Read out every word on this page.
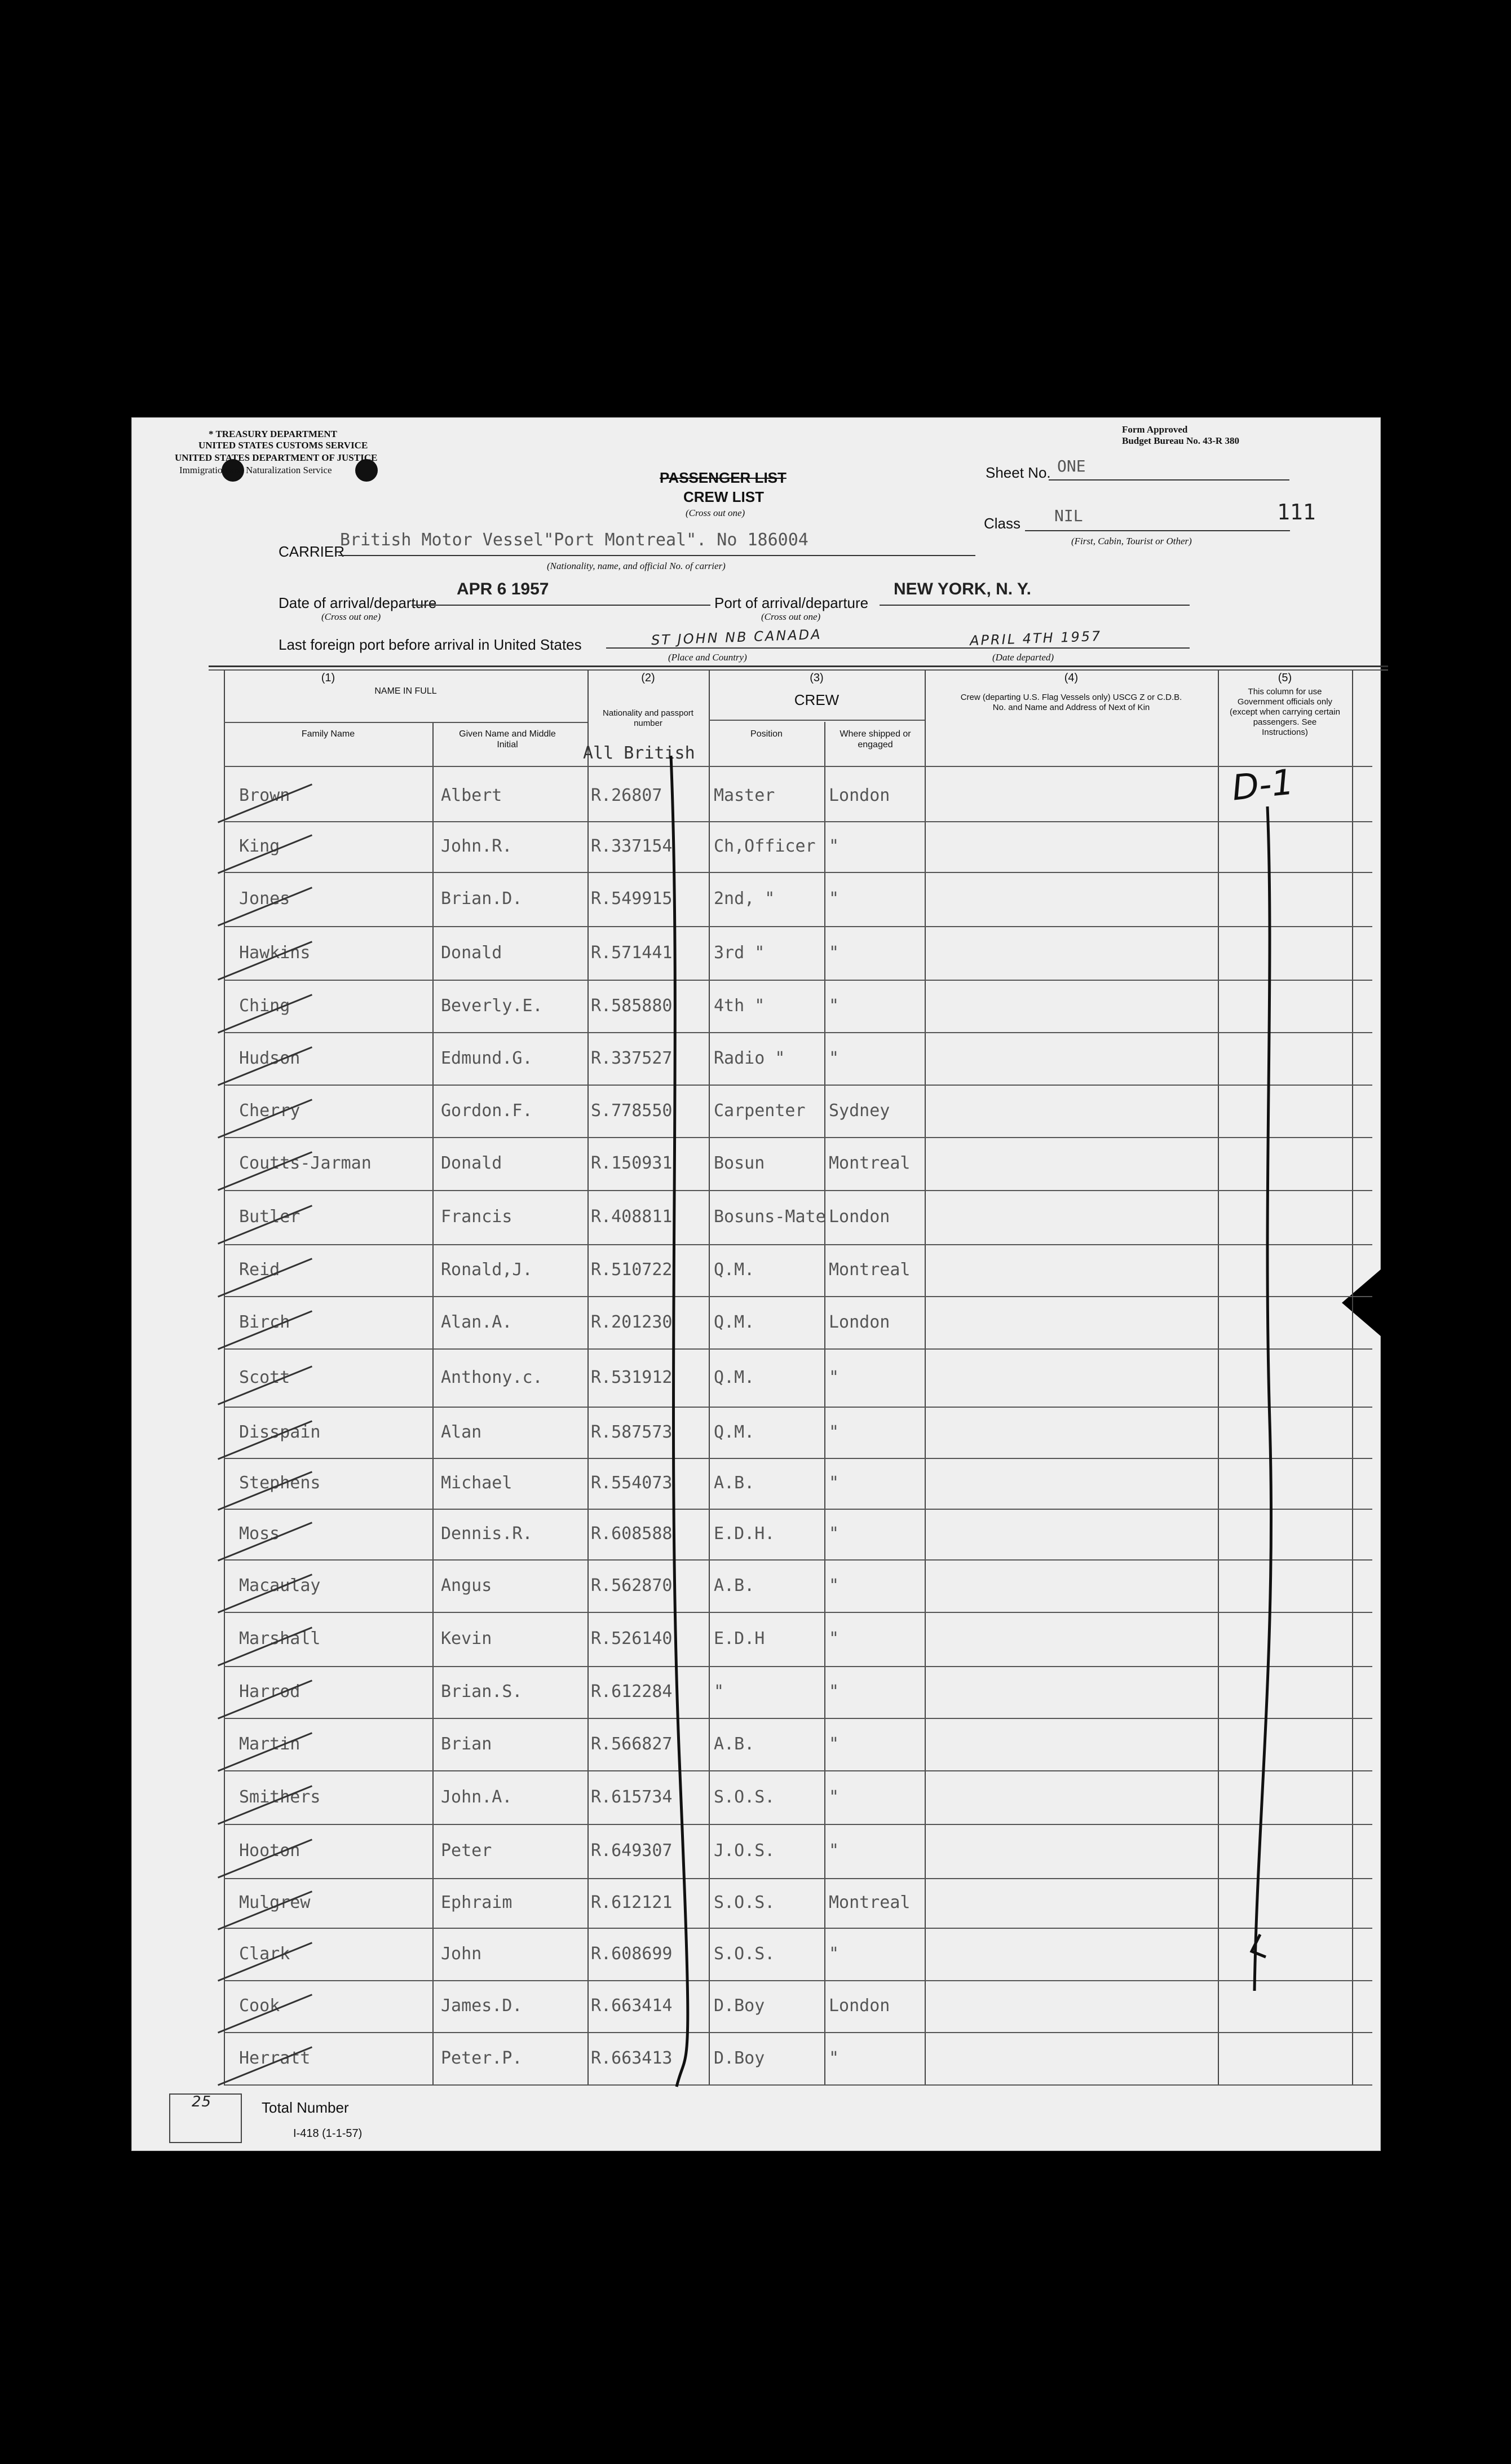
* TREASURY DEPARTMENT
UNITED STATES CUSTOMS SERVICE
UNITED STATES DEPARTMENT OF JUSTICE
Immigration and Naturalization Service
Form Approved
Budget Bureau No. 43-R 380
Sheet No. ONE
PASSENGER LIST
CREW LIST
(Cross out one)
Class NIL
(First, Cabin, Tourist or Other)
111
CARRIER
British Motor Vessel"Port Montreal". No 186004
(Nationality, name, and official No. of carrier)
Date of arrival/departure
APR 6 1957
(Cross out one)
Port of arrival/departure
NEW YORK, N. Y.
(Cross out one)
Last foreign port before arrival in United States	ST JOHN NB CANADA	APRIL 4TH 1957
(Place and Country)	(Date departed)
(1)
NAME IN FULL
Family Name	Given Name and Middle Initial
(2)
Nationality and passport number
(3)
CREW
Position	Where shipped or engaged
(4)
Crew (departing U.S. Flag Vessels only) USCG Z or C.D.B. No. and Name and Address of Next of Kin
(5)
This column for use Government officials only (except when carrying certain passengers. See Instructions)
All British
Brown	Albert	R.26807	Master	London
King	John.R.	R.337154 Ch,Officer "
Jones	Brian.D.	R.549915 2nd, "	"
Hawkins	Donald	R.571441 3rd "	"
Ching	Beverly.E.	R.585880 4th "	"
Hudson	Edmund.G.	R.337527 Radio "	"
Cherry	Gordon.F.	S.778550 Carpenter Sydney
Coutts-Jarman	Donald	R.150931 Bosun	Montreal
Butler	Francis	R.408811 Bosuns-Mate London
Reid	Ronald,J.	R.510722 Q.M.	Montreal
Birch	Alan.A.	R.201230 Q.M.	London
Scott	Anthony.c.	R.531912 Q.M.	"
Disspain	Alan	R.587573 Q.M.	"
Stephens	Michael	R.554073 A.B.	"
Moss	Dennis.R.	R.608588 E.D.H.	"
Macaulay	Angus	R.562870 A.B.	"
Marshall	Kevin	R.526140 E.D.H	"
Harrod	Brian.S.	R.612284 "	"
Martin	Brian	R.566827 A.B.	"
Smithers	John.A.	R.615734 S.O.S.	"
Hooton	Peter	R.649307 J.O.S.	"
Mulgrew	Ephraim	R.612121 S.O.S.	Montreal
Clark	John	R.608699 S.O.S.	"
Cook	James.D.	R.663414 D.Boy	London
Herratt	Peter.P.	R.663413 D.Boy	"
D-1
25	Total Number
I-418 (1-1-57)
